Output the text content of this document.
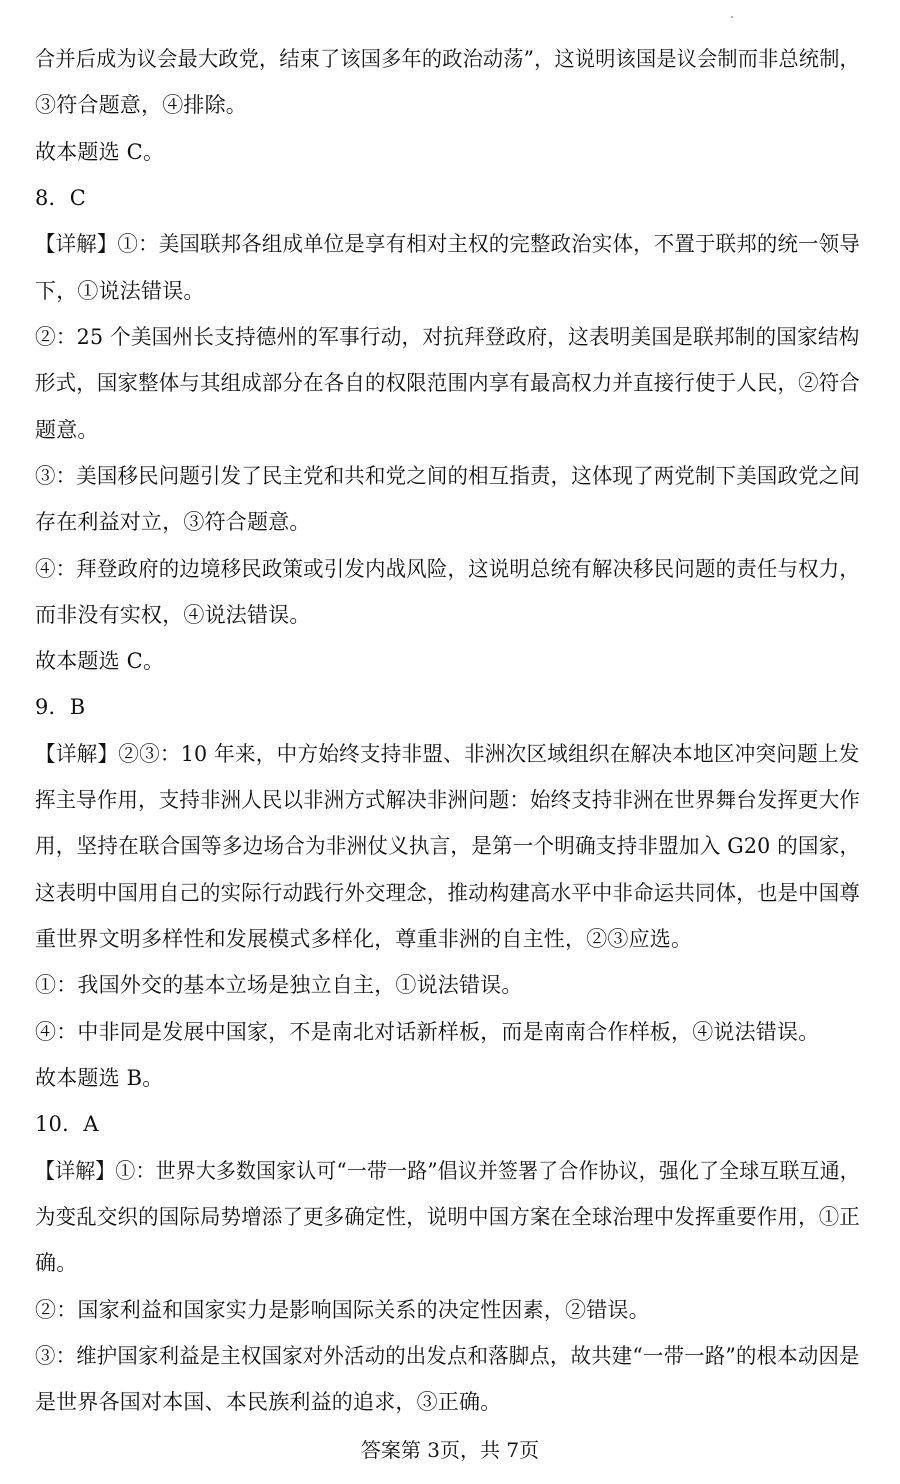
合并后成为议会最大政党，结束了该国多年的政治动荡”，这说明该国是议会制而非总统制，
③符合题意，④排除。
故本题选 C。
8．C
【详解】①：美国联邦各组成单位是享有相对主权的完整政治实体，不置于联邦的统一领导
下，①说法错误。
②：25 个美国州长支持德州的军事行动，对抗拜登政府，这表明美国是联邦制的国家结构
形式，国家整体与其组成部分在各自的权限范围内享有最高权力并直接行使于人民，②符合
题意。
③：美国移民问题引发了民主党和共和党之间的相互指责，这体现了两党制下美国政党之间
存在利益对立，③符合题意。
④：拜登政府的边境移民政策或引发内战风险，这说明总统有解决移民问题的责任与权力，
而非没有实权，④说法错误。
故本题选 C。
9．B
【详解】②③：10 年来，中方始终支持非盟、非洲次区域组织在解决本地区冲突问题上发
挥主导作用，支持非洲人民以非洲方式解决非洲问题：始终支持非洲在世界舞台发挥更大作
用，坚持在联合国等多边场合为非洲仗义执言，是第一个明确支持非盟加入 G20 的国家，
这表明中国用自己的实际行动践行外交理念，推动构建高水平中非命运共同体，也是中国尊
重世界文明多样性和发展模式多样化，尊重非洲的自主性，②③应选。
①：我国外交的基本立场是独立自主，①说法错误。
④：中非同是发展中国家，不是南北对话新样板，而是南南合作样板，④说法错误。
故本题选 B。
10．A
【详解】①：世界大多数国家认可“一带一路”倡议并签署了合作协议，强化了全球互联互通，
为变乱交织的国际局势增添了更多确定性，说明中国方案在全球治理中发挥重要作用，①正
确。
②：国家利益和国家实力是影响国际关系的决定性因素，②错误。
③：维护国家利益是主权国家对外活动的出发点和落脚点，故共建“一带一路”的根本动因是
是世界各国对本国、本民族利益的追求，③正确。
答案第 3页，共 7页
